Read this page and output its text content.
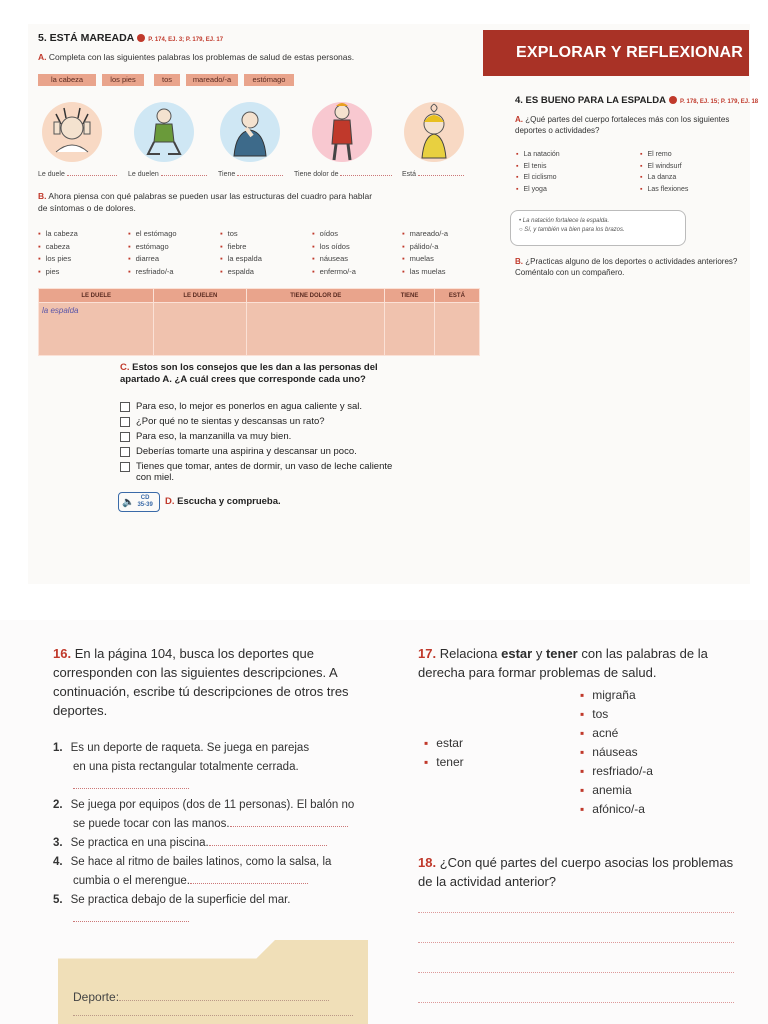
5. ESTÁ MAREADA P. 174, EJ. 3; P. 179, EJ. 17
A. Completa con las siguientes palabras los problemas de salud de estas personas.
la cabeza	los pies	tos	mareado/-a	estómago
Le duele	Le duelen	Tiene	Tiene dolor de	Está
B. Ahora piensa con qué palabras se pueden usar las estructuras del cuadro para hablar de síntomas o de dolores.
▪ la cabeza
▪ cabeza
▪ los pies
▪ pies
▪ el estómago
▪ estómago
▪ diarrea
▪ resfriado/-a
▪ tos
▪ fiebre
▪ la espalda
▪ espalda
▪ oídos
▪ los oídos
▪ náuseas
▪ enfermo/-a
▪ mareado/-a
▪ pálido/-a
▪ muelas
▪ las muelas
LE DUELE	LE DUELEN	TIENE DOLOR DE	TIENE	ESTÁ
la espalda				
C. Estos son los consejos que les dan a las personas del apartado A. ¿A cuál crees que corresponde cada uno?
Para eso, lo mejor es ponerlos en agua caliente y sal.
¿Por qué no te sientas y descansas un rato?
Para eso, la manzanilla va muy bien.
Deberías tomarte una aspirina y descansar un poco.
Tienes que tomar, antes de dormir, un vaso de leche caliente con miel.
🔈 CD
35-39 D. Escucha y comprueba.
EXPLORAR Y REFLEXIONAR
4. ES BUENO PARA LA ESPALDA P. 178, EJ. 15; P. 179, EJ. 18
A. ¿Qué partes del cuerpo fortaleces más con los siguientes deportes o actividades?
▪ La natación
▪ El tenis
▪ El ciclismo
▪ El yoga
▪ El remo
▪ El windsurf
▪ La danza
▪ Las flexiones
• La natación fortalece la espalda.
○ Sí, y también va bien para los brazos.
B. ¿Practicas alguno de los deportes o actividades anteriores? Coméntalo con un compañero.
16. En la página 104, busca los deportes que corresponden con las siguientes descripciones. A continuación, escribe tú descripciones de otros tres deportes.
1. Es un deporte de raqueta. Se juega en parejas
en una pista rectangular totalmente cerrada.
2. Se juega por equipos (dos de 11 personas). El balón no
se puede tocar con las manos.
3. Se practica en una piscina.
4. Se hace al ritmo de bailes latinos, como la salsa, la
cumbia o el merengue.
5. Se practica debajo de la superficie del mar.
Deporte:
17. Relaciona estar y tener con las palabras de la derecha para formar problemas de salud.
▪ estar
▪ tener
▪ migraña
▪ tos
▪ acné
▪ náuseas
▪ resfriado/-a
▪ anemia
▪ afónico/-a
18. ¿Con qué partes del cuerpo asocias los problemas de la actividad anterior?
